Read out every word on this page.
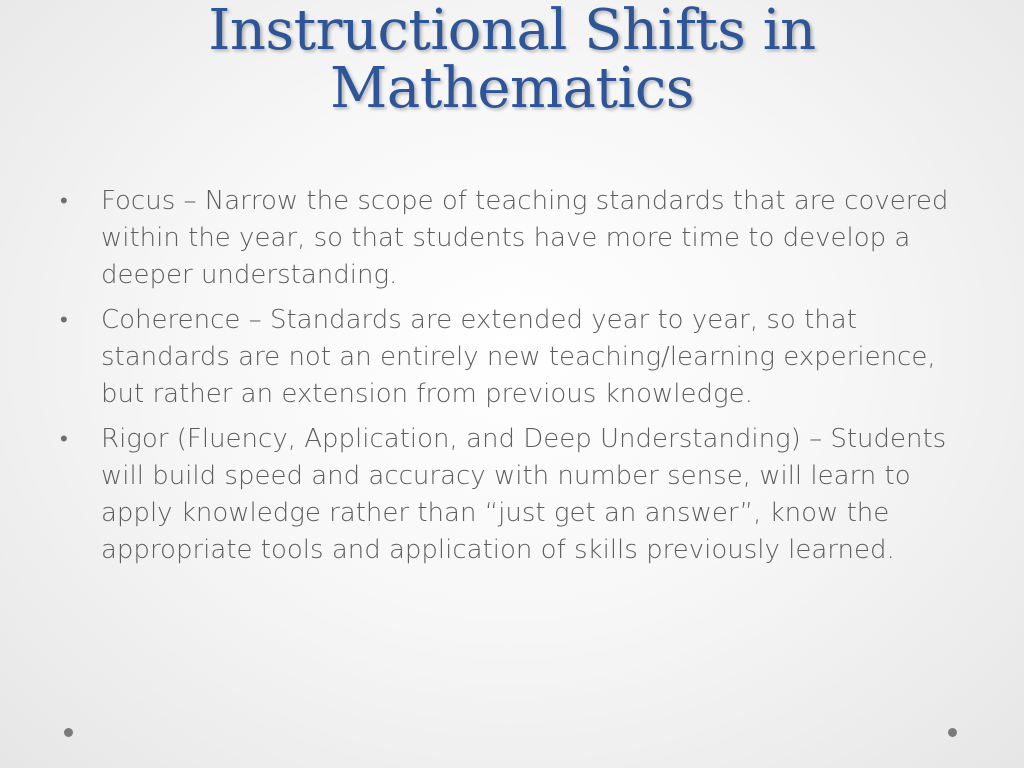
Instructional Shifts in
Mathematics
• Focus – Narrow the scope of teaching standards that are covered within the year, so that students have more time to develop a deeper understanding.
• Coherence – Standards are extended year to year, so that standards are not an entirely new teaching/learning experience, but rather an extension from previous knowledge.
• Rigor (Fluency, Application, and Deep Understanding) – Students will build speed and accuracy with number sense, will learn to apply knowledge rather than “just get an answer”, know the appropriate tools and application of skills previously learned.
